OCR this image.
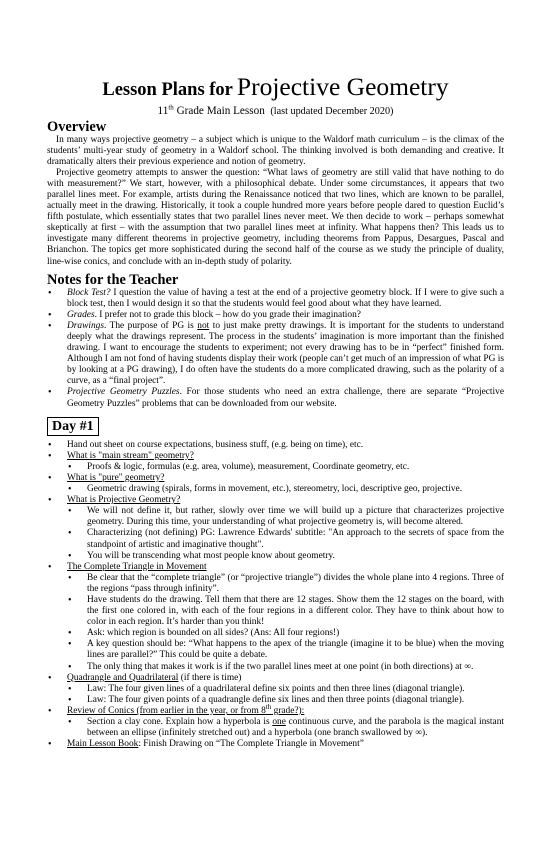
Lesson Plans for Projective Geometry
11th Grade Main Lesson (last updated December 2020)
Overview

In many ways projective geometry – a subject which is unique to the Waldorf math curriculum – is the climax of the students’ multi-year study of geometry in a Waldorf school. The thinking involved is both demanding and creative. It dramatically alters their previous experience and notion of geometry.

Projective geometry attempts to answer the question: “What laws of geometry are still valid that have nothing to do with measurement?” We start, however, with a philosophical debate. Under some circumstances, it appears that two parallel lines meet. For example, artists during the Renaissance noticed that two lines, which are known to be parallel, actually meet in the drawing. Historically, it took a couple hundred more years before people dared to question Euclid’s fifth postulate, which essentially states that two parallel lines never meet. We then decide to work – perhaps somewhat skeptically at first – with the assumption that two parallel lines meet at infinity. What happens then? This leads us to investigate many different theorems in projective geometry, including theorems from Pappus, Desargues, Pascal and Brianchon. The topics get more sophisticated during the second half of the course as we study the principle of duality, line-wise conics, and conclude with an in-depth study of polarity.

Notes for the Teacher
• Block Test? I question the value of having a test at the end of a projective geometry block. If I were to give such a block test, then I would design it so that the students would feel good about what they have learned.
• Grades. I prefer not to grade this block – how do you grade their imagination?
• Drawings. The purpose of PG is not to just make pretty drawings. It is important for the students to understand deeply what the drawings represent. The process in the students’ imagination is more important than the finished drawing. I want to encourage the students to experiment; not every drawing has to be in “perfect” finished form. Although I am not fond of having students display their work (people can’t get much of an impression of what PG is by looking at a PG drawing), I do often have the students do a more complicated drawing, such as the polarity of a curve, as a “final project”.
• Projective Geometry Puzzles. For those students who need an extra challenge, there are separate “Projective Geometry Puzzles” problems that can be downloaded from our website.
Day #1
• Hand out sheet on course expectations, business stuff, (e.g. being on time), etc.
• What is "main stream" geometry?
• Proofs & logic, formulas (e.g. area, volume), measurement, Coordinate geometry, etc.
• What is "pure" geometry?
• Geometric drawing (spirals, forms in movement, etc.), stereometry, loci, descriptive geo, projective.
• What is Projective Geometry?
• We will not define it, but rather, slowly over time we will build up a picture that characterizes projective geometry. During this time, your understanding of what projective geometry is, will become altered.
• Characterizing (not defining) PG: Lawrence Edwards' subtitle: "An approach to the secrets of space from the standpoint of artistic and imaginative thought".
• You will be transcending what most people know about geometry.
• The Complete Triangle in Movement
• Be clear that the “complete triangle” (or “projective triangle”) divides the whole plane into 4 regions. Three of the regions “pass through infinity”.
• Have students do the drawing. Tell them that there are 12 stages. Show them the 12 stages on the board, with the first one colored in, with each of the four regions in a different color. They have to think about how to color in each region. It’s harder than you think!
• Ask: which region is bounded on all sides? (Ans: All four regions!)
• A key question should be: “What happens to the apex of the triangle (imagine it to be blue) when the moving lines are parallel?” This could be quite a debate.
• The only thing that makes it work is if the two parallel lines meet at one point (in both directions) at ∞.
• Quadrangle and Quadrilateral (if there is time)
• Law: The four given lines of a quadrilateral define six points and then three lines (diagonal triangle).
• Law: The four given points of a quadrangle define six lines and then three points (diagonal triangle).
• Review of Conics (from earlier in the year, or from 8th grade?):
• Section a clay cone. Explain how a hyperbola is one continuous curve, and the parabola is the magical instant between an ellipse (infinitely stretched out) and a hyperbola (one branch swallowed by ∞).
• Main Lesson Book: Finish Drawing on “The Complete Triangle in Movement”
